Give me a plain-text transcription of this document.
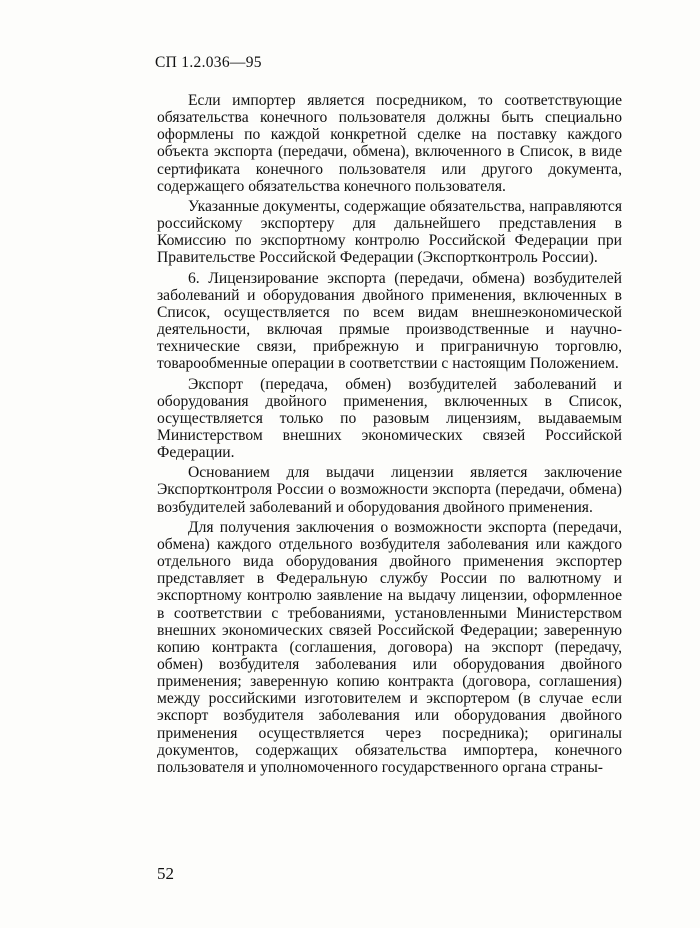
СП 1.2.036—95

Если импортер является посредником, то соответствующие обязательства конечного пользователя должны быть специально оформлены по каждой конкретной сделке на поставку каждого объекта экспорта (передачи, обмена), включенного в Список, в виде сертификата конечного пользователя или другого документа, содержащего обязательства конечного пользователя.

Указанные документы, содержащие обязательства, направляются российскому экспортеру для дальнейшего представления в Комиссию по экспортному контролю Российской Федерации при Правительстве Российской Федерации (Экспортконтроль России).

6. Лицензирование экспорта (передачи, обмена) возбудителей заболеваний и оборудования двойного применения, включенных в Список, осуществляется по всем видам внешнеэкономической деятельности, включая прямые производственные и научно-технические связи, прибрежную и приграничную торговлю, товарообменные операции в соответствии с настоящим Положением.

Экспорт (передача, обмен) возбудителей заболеваний и оборудования двойного применения, включенных в Список, осуществляется только по разовым лицензиям, выдаваемым Министерством внешних экономических связей Российской Федерации.

Основанием для выдачи лицензии является заключение Экспортконтроля России о возможности экспорта (передачи, обмена) возбудителей заболеваний и оборудования двойного применения.

Для получения заключения о возможности экспорта (передачи, обмена) каждого отдельного возбудителя заболевания или каждого отдельного вида оборудования двойного применения экспортер представляет в Федеральную службу России по валютному и экспортному контролю заявление на выдачу лицензии, оформленное в соответствии с требованиями, установленными Министерством внешних экономических связей Российской Федерации; заверенную копию контракта (соглашения, договора) на экспорт (передачу, обмен) возбудителя заболевания или оборудования двойного применения; заверенную копию контракта (договора, соглашения) между российскими изготовителем и экспортером (в случае если экспорт возбудителя заболевания или оборудования двойного применения осуществляется через посредника); оригиналы документов, содержащих обязательства импортера, конечного пользователя и уполномоченного государственного органа страны-

52
